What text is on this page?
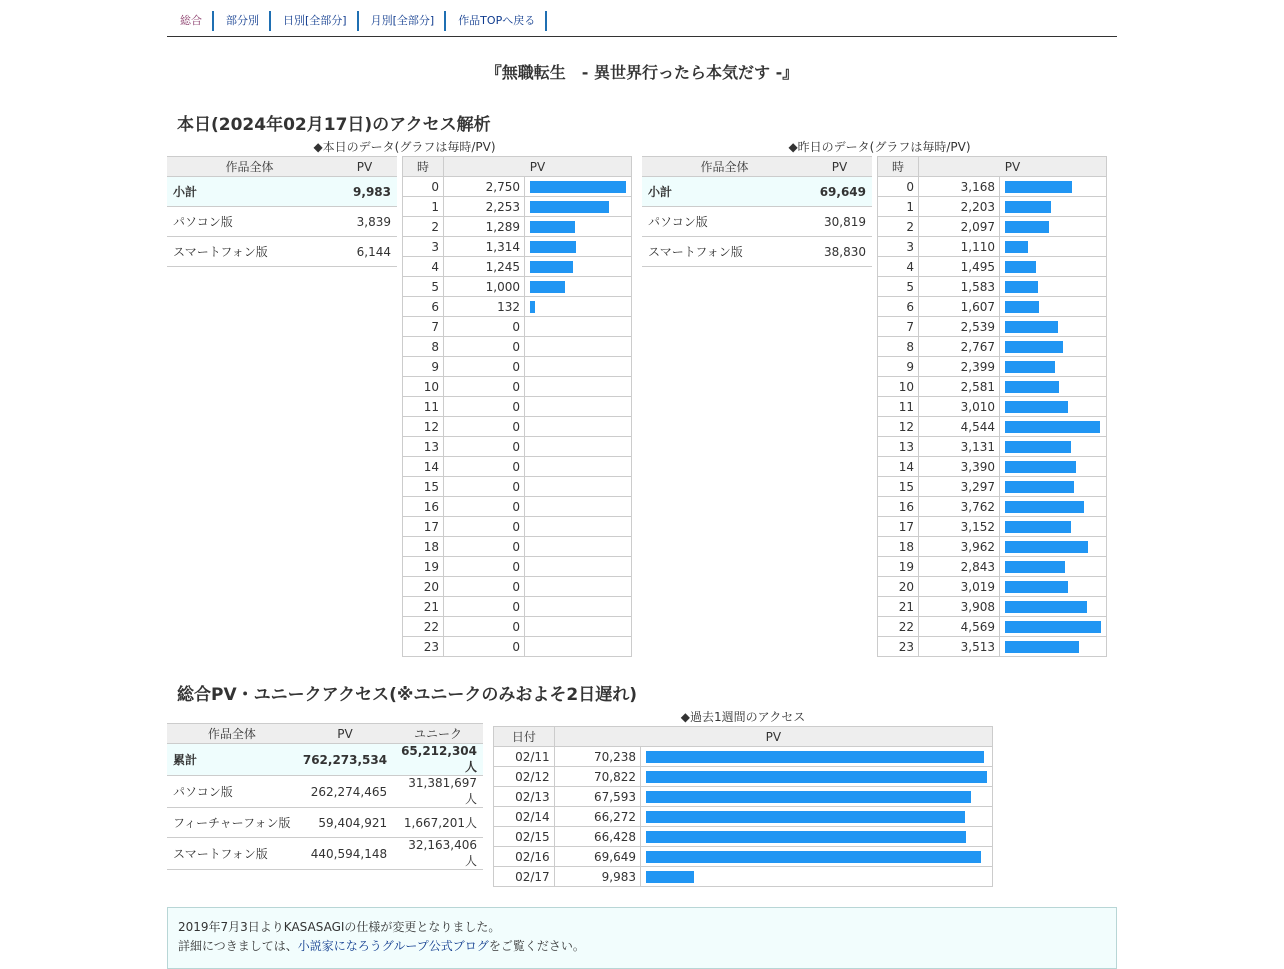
総合	部分別	日別[全部分]	月別[全部分]	作品TOPへ戻る
『無職転生　- 異世界行ったら本気だす -』
本日(2024年02月17日)のアクセス解析
◆本日のデータ(グラフは毎時/PV)	◆昨日のデータ(グラフは毎時/PV)
作品全体	PV
小計	9,983
パソコン版	3,839
スマートフォン版	6,144
時	PV	
0	2,750	

1	2,253	

2	1,289	

3	1,314	

4	1,245	

5	1,000	

6	132	

7	0	
8	0	
9	0	
10	0	
11	0	
12	0	
13	0	
14	0	
15	0	
16	0	
17	0	
18	0	
19	0	
20	0	
21	0	
22	0	
23	0	
作品全体	PV
小計	69,649
パソコン版	30,819
スマートフォン版	38,830
時	PV	
0	3,168	

1	2,203	

2	2,097	

3	1,110	

4	1,495	

5	1,583	

6	1,607	

7	2,539	

8	2,767	

9	2,399	

10	2,581	

11	3,010	

12	4,544	

13	3,131	

14	3,390	

15	3,297	

16	3,762	

17	3,152	

18	3,962	

19	2,843	

20	3,019	

21	3,908	

22	4,569	

23	3,513	
総合PV・ユニークアクセス(※ユニークのみおよそ2日遅れ)
作品全体	PV	ユニーク
累計	762,273,534	65,212,304人
パソコン版	262,274,465	31,381,697人
フィーチャーフォン版	59,404,921	1,667,201人
スマートフォン版	440,594,148	32,163,406人
◆過去1週間のアクセス
日付	PV	
02/11	70,238	

02/12	70,822	

02/13	67,593	

02/14	66,272	

02/15	66,428	

02/16	69,649	

02/17	9,983	

2019年7月3日よりKASASAGIの仕様が変更となりました。

詳細につきましては、小説家になろうグループ公式ブログをご覧ください。
